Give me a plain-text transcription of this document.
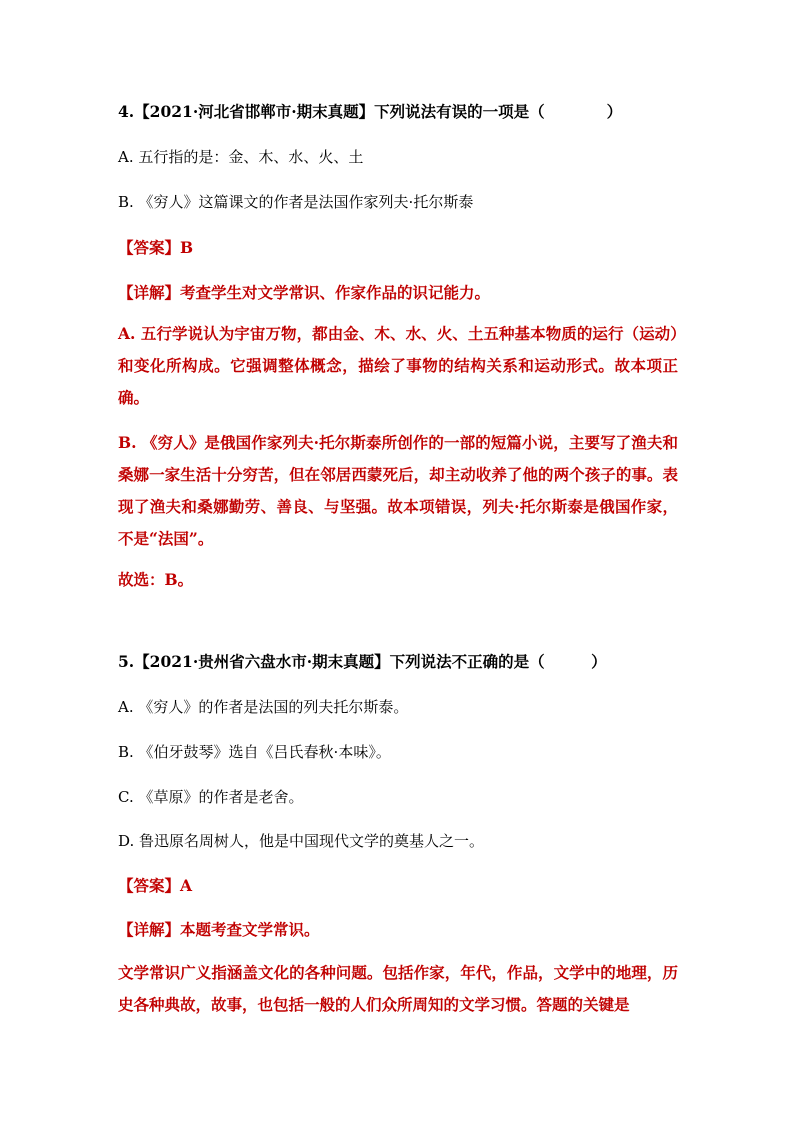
4.【2021·河北省邯郸市·期末真题】下列说法有误的一项是（　　　　）
A. 五行指的是：金、木、水、火、土
B. 《穷人》这篇课文的作者是法国作家列夫·托尔斯泰
【答案】B
【详解】考查学生对文学常识、作家作品的识记能力。
A. 五行学说认为宇宙万物，都由金、木、水、火、土五种基本物质的运行（运动）和变化所构成。它强调整体概念，描绘了事物的结构关系和运动形式。故本项正确。
B. 《穷人》是俄国作家列夫·托尔斯泰所创作的一部的短篇小说，主要写了渔夫和桑娜一家生活十分穷苦，但在邻居西蒙死后，却主动收养了他的两个孩子的事。表现了渔夫和桑娜勤劳、善良、与坚强。故本项错误，列夫·托尔斯泰是俄国作家，不是“法国”。
故选：B。
5.【2021·贵州省六盘水市·期末真题】下列说法不正确的是（　　　）
A. 《穷人》的作者是法国的列夫托尔斯泰。
B. 《伯牙鼓琴》选自《吕氏春秋·本味》。
C. 《草原》的作者是老舍。
D. 鲁迅原名周树人，他是中国现代文学的奠基人之一。
【答案】A
【详解】本题考查文学常识。
文学常识广义指涵盖文化的各种问题。包括作家，年代，作品，文学中的地理，历史各种典故，故事，也包括一般的人们众所周知的文学习惯。答题的关键是
